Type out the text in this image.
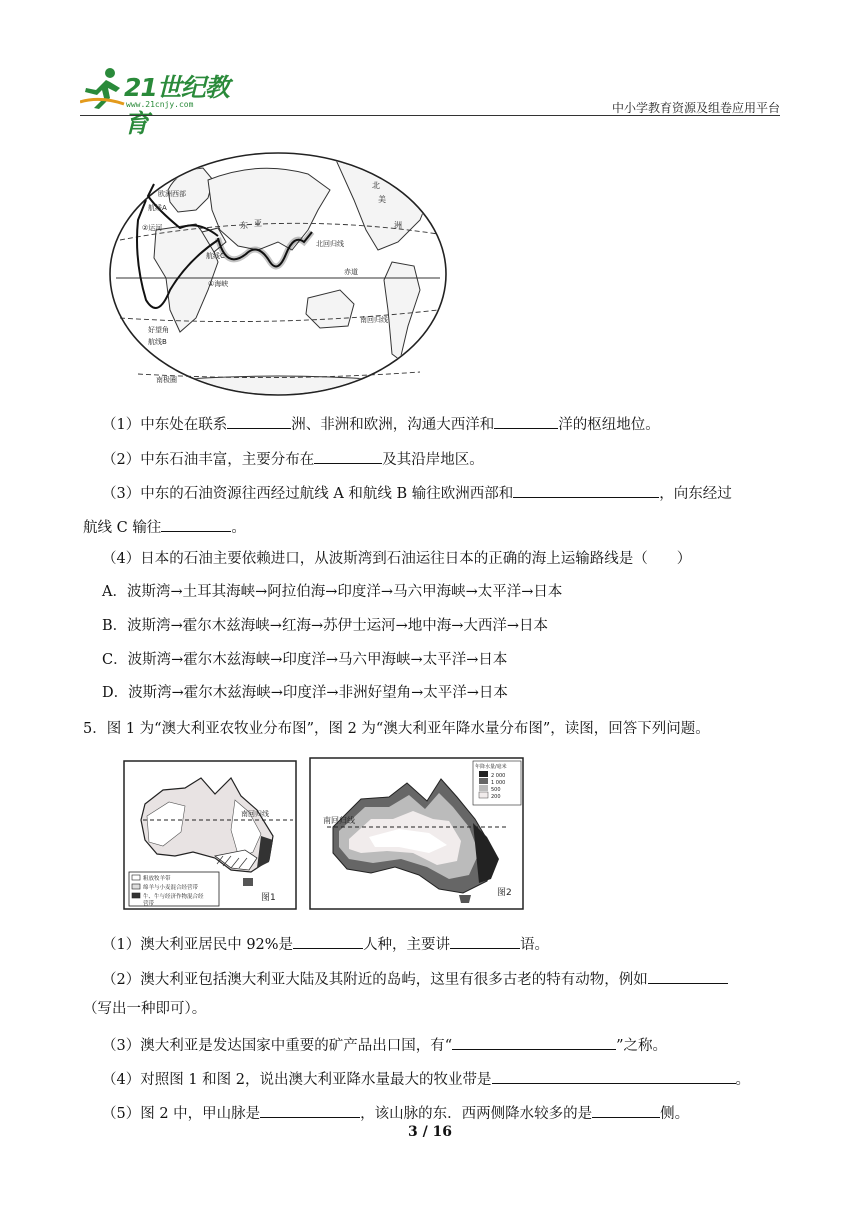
21世纪教育
www.21cnjy.com	中小学教育资源及组卷应用平台
北
美
洲
东 亚
航线A
欧洲西部
②运河
①海峡
航线C
北回归线
赤道
南回归线
好望角
航线B
南极圈
（1）中东处在联系	洲、非洲和欧洲，沟通大西洋和	洋的枢纽地位。
（2）中东石油丰富，主要分布在	及其沿岸地区。
（3）中东的石油资源往西经过航线 A 和航线 B 输往欧洲西部和	，向东经过
航线 C 输往	。
（4）日本的石油主要依赖进口，从波斯湾到石油运往日本的正确的海上运输路线是（　　）
A．波斯湾→土耳其海峡→阿拉伯海→印度洋→马六甲海峡→太平洋→日本
B．波斯湾→霍尔木兹海峡→红海→苏伊士运河→地中海→大西洋→日本
C．波斯湾→霍尔木兹海峡→印度洋→马六甲海峡→太平洋→日本
D．波斯湾→霍尔木兹海峡→印度洋→非洲好望角→太平洋→日本
5．图 1 为“澳大利亚农牧业分布图”，图 2 为“澳大利亚年降水量分布图”，读图，回答下列问题。
南回归线
粗放牧羊带
绵羊与小麦混合经营带
牛、牛与经济作物混合经
营带
图1
南回归线
年降水量/毫米
2 000
1 000
500
200
图2
（1）澳大利亚居民中 92%是	人种，主要讲	语。
（2）澳大利亚包括澳大利亚大陆及其附近的岛屿，这里有很多古老的特有动物，例如
（写出一种即可）。
（3）澳大利亚是发达国家中重要的矿产品出口国，有“	”之称。
（4）对照图 1 和图 2，说出澳大利亚降水量最大的牧业带是	。
（5）图 2 中，甲山脉是	，该山脉的东．西两侧降水较多的是	侧。
3 / 16
